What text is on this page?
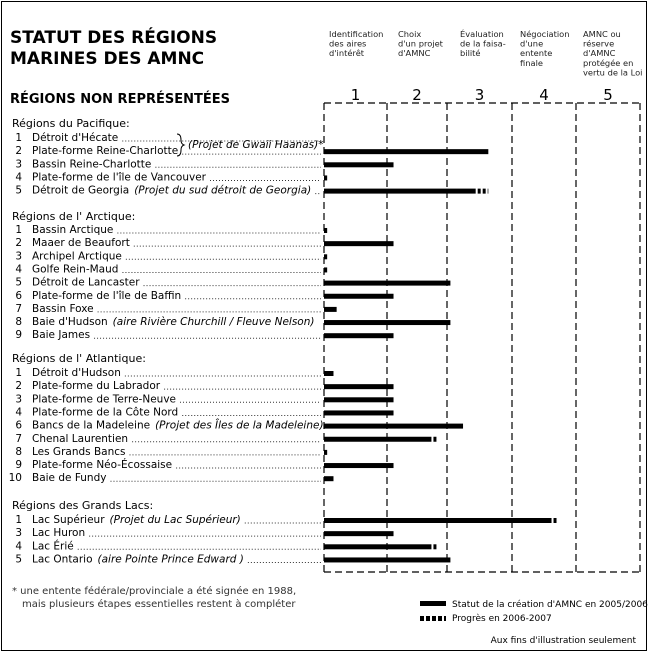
STATUT DES RÉGIONS
MARINES DES AMNC
RÉGIONS NON REPRÉSENTÉES
Identification
des aires
d'intérêt
1
Choix
d'un projet
d'AMNC
2
Évaluation
de la faisa-
bilité
3
Négociation
d'une
entente
finale
4
AMNC ou
réserve
d'AMNC
protégée en
vertu de la Loi
5
Régions du Pacifique:
1 Détroit d'Hécate
2 Plate-forme Reine-Charlotte
3 Bassin Reine-Charlotte
4 Plate-forme de l'île de Vancouver
5 Détroit de Georgia (Projet du sud détroit de Georgia)
Régions de l' Arctique:
1 Bassin Arctique
2 Maaer de Beaufort
3 Archipel Arctique
4 Golfe Rein-Maud
5 Détroit de Lancaster
6 Plate-forme de l'île de Baffin
7 Bassin Foxe
8 Baie d'Hudson (aire Rivière Churchill / Fleuve Nelson)
9 Baie James
Régions de l' Atlantique:
1 Détroit d'Hudson
2 Plate-forme du Labrador
3 Plate-forme de Terre-Neuve
4 Plate-forme de la Côte Nord
6 Bancs de la Madeleine (Projet des Îles de la Madeleine)
7 Chenal Laurentien
8 Les Grands Bancs
9 Plate-forme Néo-Écossaise
10 Baie de Fundy
Régions des Grands Lacs:
1 Lac Supérieur (Projet du Lac Supérieur)
3 Lac Huron
4 Lac Érié
5 Lac Ontario (aire Pointe Prince Edward )
(Projet de Gwaii Haanas)*
* une entente fédérale/provinciale a été signée en 1988,
mais plusieurs étapes essentielles restent à compléter	Statut de la création d'AMNC en 2005/2006
Progrès en 2006-2007
Aux fins d'illustration seulement
